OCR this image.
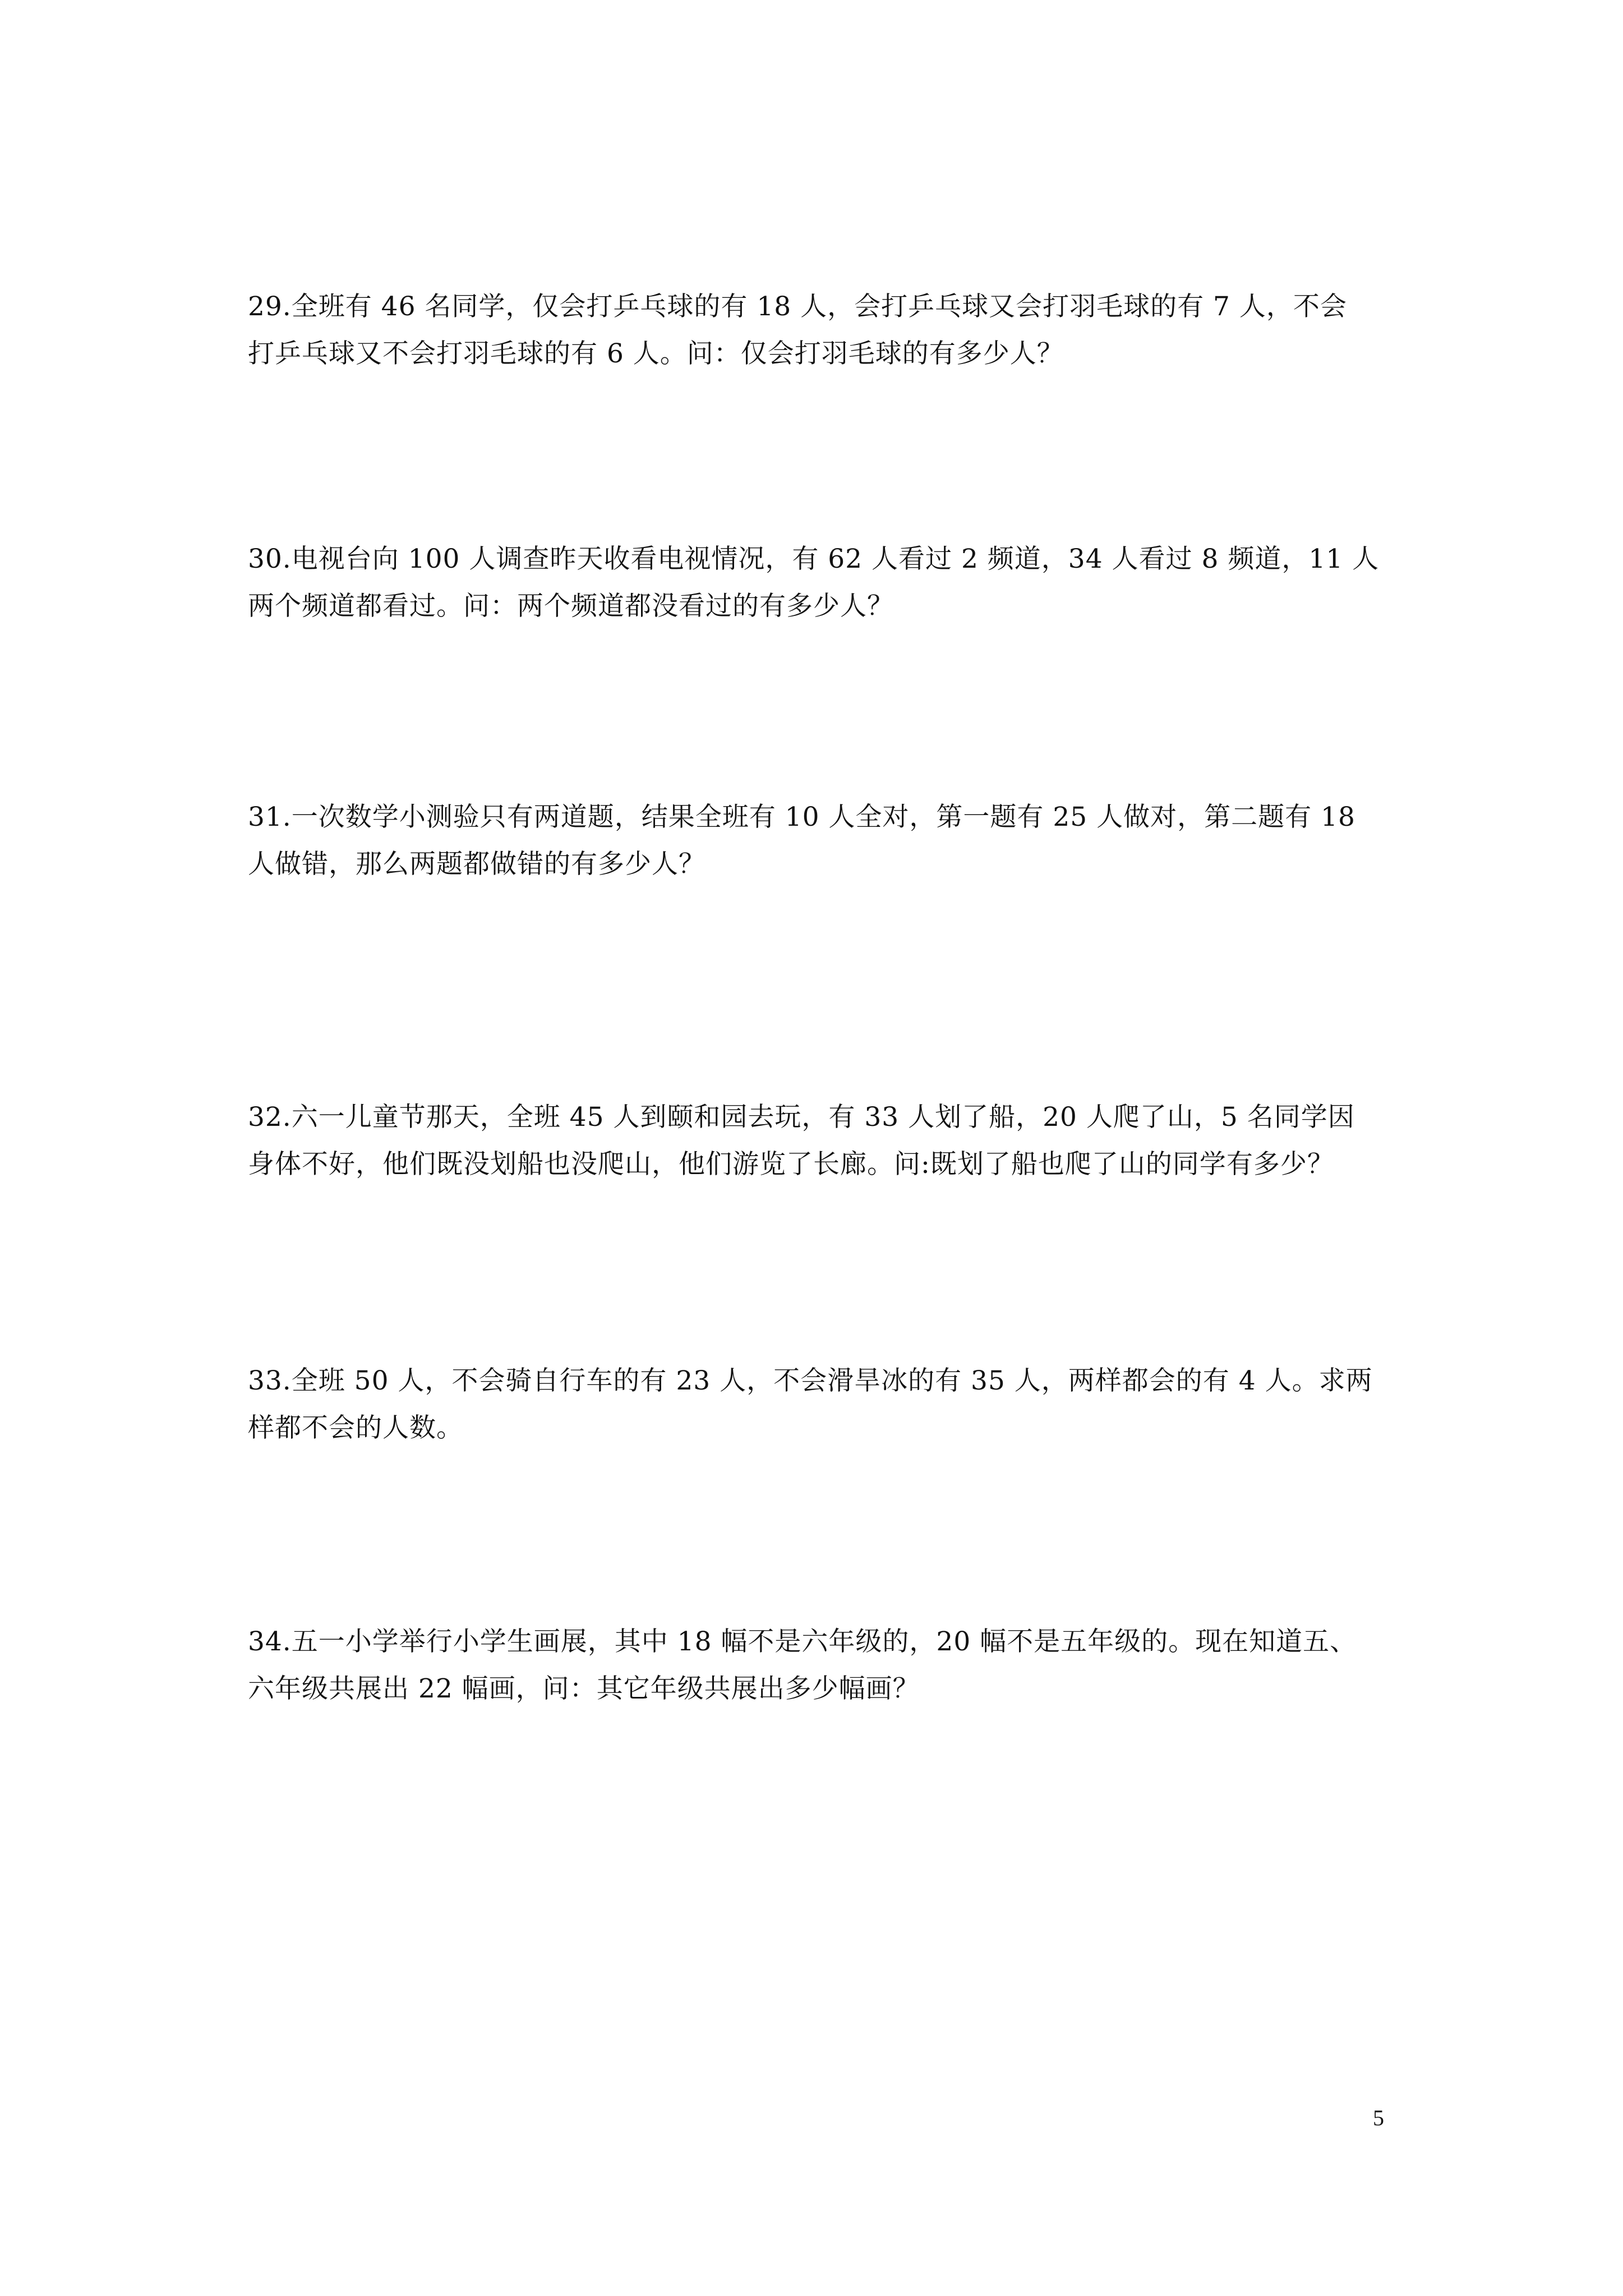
29.全班有 46 名同学，仅会打乒乓球的有 18 人，会打乒乓球又会打羽毛球的有 7 人，不会
打乒乓球又不会打羽毛球的有 6 人。问：仅会打羽毛球的有多少人？
30.电视台向 100 人调查昨天收看电视情况，有 62 人看过 2 频道，34 人看过 8 频道，11 人
两个频道都看过。问：两个频道都没看过的有多少人？
31.一次数学小测验只有两道题，结果全班有 10 人全对，第一题有 25 人做对，第二题有 18
人做错，那么两题都做错的有多少人？
32.六一儿童节那天，全班 45 人到颐和园去玩，有 33 人划了船，20 人爬了山，5 名同学因
身体不好，他们既没划船也没爬山，他们游览了长廊。问:既划了船也爬了山的同学有多少？
33.全班 50 人，不会骑自行车的有 23 人，不会滑旱冰的有 35 人，两样都会的有 4 人。求两
样都不会的人数。
34.五一小学举行小学生画展，其中 18 幅不是六年级的，20 幅不是五年级的。现在知道五、
六年级共展出 22 幅画，问：其它年级共展出多少幅画？
5
